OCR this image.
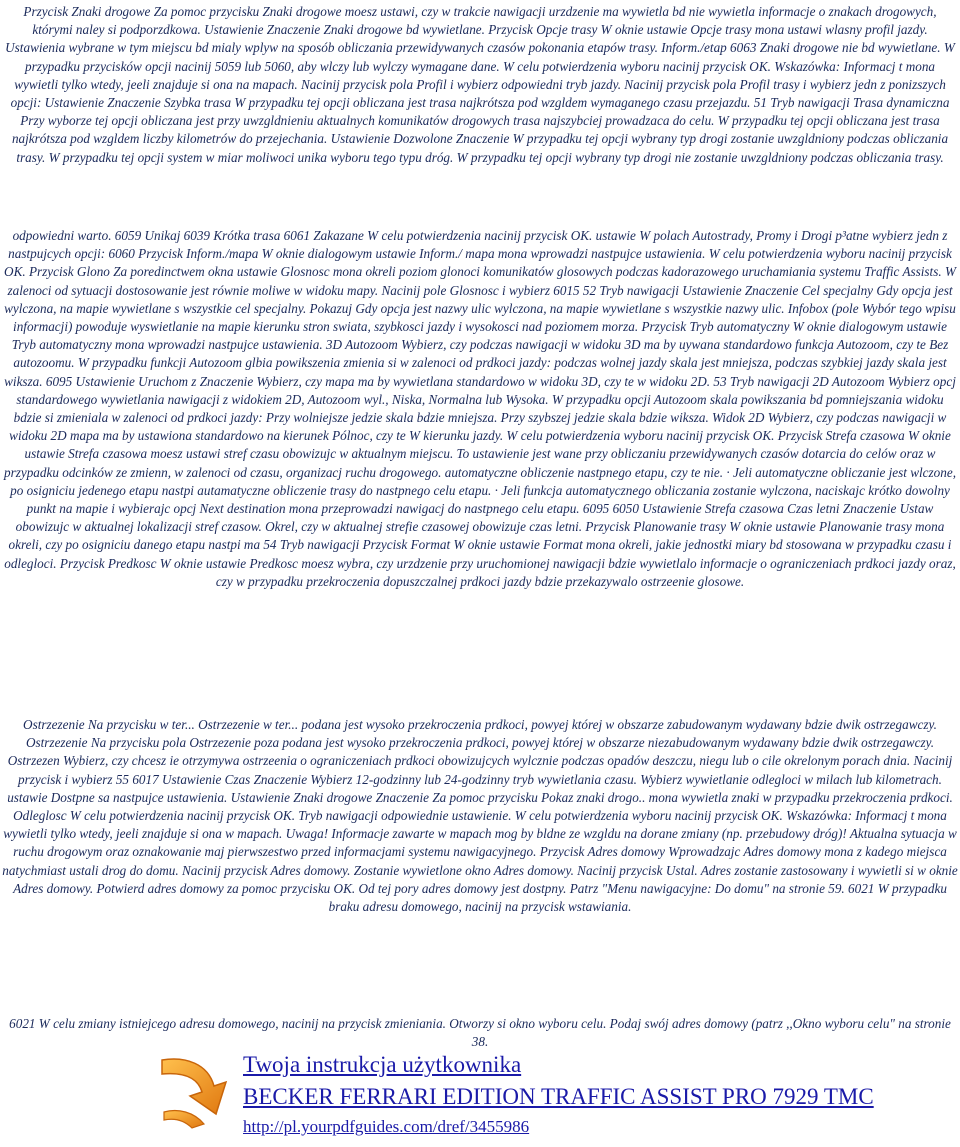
Przycisk Znaki drogowe Za pomoc przycisku Znaki drogowe moesz ustawi, czy w trakcie nawigacji urzdzenie ma wywietla bd nie wywietla informacje o znakach drogowych, którymi naley si podporzdkowa. Ustawienie Znaczenie Znaki drogowe bd wywietlane. Przycisk Opcje trasy W oknie ustawie Opcje trasy mona ustawi wlasny profil jazdy. Ustawienia wybrane w tym miejscu bd mialy wplyw na sposób obliczania przewidywanych czasów pokonania etapów trasy. Inform./etap 6063 Znaki drogowe nie bd wywietlane. W przypadku przycisków opcji nacinij 5059 lub 5060, aby wlczy lub wylczy wymagane dane. W celu potwierdzenia wyboru nacinij przycisk OK. Wskazówka: Informacj t mona wywietli tylko wtedy, jeeli znajduje si ona na mapach. Nacinij przycisk pola Profil i wybierz odpowiedni tryb jazdy. Nacinij przycisk pola Profil trasy i wybierz jedn z ponizszych opcji: Ustawienie Znaczenie Szybka trasa W przypadku tej opcji obliczana jest trasa najkrótsza pod wzgldem wymaganego czasu przejazdu. 51 Tryb nawigacji Trasa dynamiczna Przy wyborze tej opcji obliczana jest przy uwzgldnieniu aktualnych komunikatów drogowych trasa najszybciej prowadzaca do celu. W przypadku tej opcji obliczana jest trasa najkrótsza pod wzgldem liczby kilometrów do przejechania. Ustawienie Dozwolone Znaczenie W przypadku tej opcji wybrany typ drogi zostanie uwzgldniony podczas obliczania trasy. W przypadku tej opcji system w miar moliwoci unika wyboru tego typu dróg. W przypadku tej opcji wybrany typ drogi nie zostanie uwzgldniony podczas obliczania trasy.

odpowiedni warto. 6059 Unikaj 6039 Krótka trasa 6061 Zakazane W celu potwierdzenia nacinij przycisk OK. ustawie W polach Autostrady, Promy i Drogi p³atne wybierz jedn z nastpujcych opcji: 6060 Przycisk Inform./mapa W oknie dialogowym ustawie Inform./ mapa mona wprowadzi nastpujce ustawienia. W celu potwierdzenia wyboru nacinij przycisk OK. Przycisk Glono Za poredinctwem okna ustawie Glosnosc mona okreli poziom glonoci komunikatów glosowych podczas kadorazowego uruchamiania systemu Traffic Assists. W zalenoci od sytuacji dostosowanie jest równie moliwe w widoku mapy. Nacinij pole Glosnosc i wybierz 6015 52 Tryb nawigacji Ustawienie Znaczenie Cel specjalny Gdy opcja jest wylczona, na mapie wywietlane s wszystkie cel specjalny. Pokazuj Gdy opcja jest nazwy ulic wylczona, na mapie wywietlane s wszystkie nazwy ulic. Infobox (pole Wybór tego wpisu informacji) powoduje wyswietlanie na mapie kierunku stron swiata, szybkosci jazdy i wysokosci nad poziomem morza. Przycisk Tryb automatyczny W oknie dialogowym ustawie Tryb automatyczny mona wprowadzi nastpujce ustawienia. 3D Autozoom Wybierz, czy podczas nawigacji w widoku 3D ma by uywana standardowo funkcja Autozoom, czy te Bez autozoomu. W przypadku funkcji Autozoom glbia powikszenia zmienia si w zalenoci od prdkoci jazdy: podczas wolnej jazdy skala jest mniejsza, podczas szybkiej jazdy skala jest wiksza. 6095 Ustawienie Uruchom z Znaczenie Wybierz, czy mapa ma by wywietlana standardowo w widoku 3D, czy te w widoku 2D. 53 Tryb nawigacji 2D Autozoom Wybierz opcj standardowego wywietlania nawigacji z widokiem 2D, Autozoom wyl., Niska, Normalna lub Wysoka. W przypadku opcji Autozoom skala powikszania bd pomniejszania widoku bdzie si zmieniala w zalenoci od prdkoci jazdy: Przy wolniejsze jedzie skala bdzie mniejsza. Przy szybszej jedzie skala bdzie wiksza. Widok 2D Wybierz, czy podczas nawigacji w widoku 2D mapa ma by ustawiona standardowo na kierunek Pólnoc, czy te W kierunku jazdy. W celu potwierdzenia wyboru nacinij przycisk OK. Przycisk Strefa czasowa W oknie ustawie Strefa czasowa moesz ustawi stref czasu obowizujc w aktualnym miejscu. To ustawienie jest wane przy obliczaniu przewidywanych czasów dotarcia do celów oraz w przypadku odcinków ze zmienn, w zalenoci od czasu, organizacj ruchu drogowego. automatyczne obliczenie nastpnego etapu, czy te nie. · Jeli automatyczne obliczanie jest wlczone, po osigniciu jedenego etapu nastpi autamatyczne obliczenie trasy do nastpnego celu etapu. · Jeli funkcja automatycznego obliczania zostanie wylczona, naciskajc krótko dowolny punkt na mapie i wybierajc opcj Next destination mona przeprowadzi nawigacj do nastpnego celu etapu. 6095 6050 Ustawienie Strefa czasowa Czas letni Znaczenie Ustaw obowizujc w aktualnej lokalizacji stref czasow. Okrel, czy w aktualnej strefie czasowej obowizuje czas letni. Przycisk Planowanie trasy W oknie ustawie Planowanie trasy mona okreli, czy po osigniciu danego etapu nastpi ma 54 Tryb nawigacji Przycisk Format W oknie ustawie Format mona okreli, jakie jednostki miary bd stosowana w przypadku czasu i odlegloci. Przycisk Predkosc W oknie ustawie Predkosc moesz wybra, czy urzdzenie przy uruchomionej nawigacji bdzie wywietlalo informacje o ograniczeniach prdkoci jazdy oraz, czy w przypadku przekroczenia dopuszczalnej prdkoci jazdy bdzie przekazywalo ostrzeenie glosowe.

Ostrzezenie Na przycisku w ter... Ostrzezenie w ter... podana jest wysoko przekroczenia prdkoci, powyej której w obszarze zabudowanym wydawany bdzie dwik ostrzegawczy. Ostrzezenie Na przycisku pola Ostrzezenie poza podana jest wysoko przekroczenia prdkoci, powyej której w obszarze niezabudowanym wydawany bdzie dwik ostrzegawczy. Ostrzezen Wybierz, czy chcesz ie otrzymywa ostrzeenia o ograniczeniach prdkoci obowizujcych wylcznie podczas opadów deszczu, niegu lub o cile okrelonym porach dnia. Nacinij przycisk i wybierz 55 6017 Ustawienie Czas Znaczenie Wybierz 12-godzinny lub 24-godzinny tryb wywietlania czasu. Wybierz wywietlanie odlegloci w milach lub kilometrach. ustawie Dostpne sa nastpujce ustawienia. Ustawienie Znaki drogowe Znaczenie Za pomoc przycisku Pokaz znaki drogo.. mona wywietla znaki w przypadku przekroczenia prdkoci. Odleglosc W celu potwierdzenia nacinij przycisk OK. Tryb nawigacji odpowiednie ustawienie. W celu potwierdzenia wyboru nacinij przycisk OK. Wskazówka: Informacj t mona wywietli tylko wtedy, jeeli znajduje si ona w mapach. Uwaga! Informacje zawarte w mapach mog by bldne ze wzgldu na dorane zmiany (np. przebudowy dróg)! Aktualna sytuacja w ruchu drogowym oraz oznakowanie maj pierwszestwo przed informacjami systemu nawigacyjnego. Przycisk Adres domowy Wprowadzajc Adres domowy mona z kadego miejsca natychmiast ustali drog do domu. Nacinij przycisk Adres domowy. Zostanie wywietlone okno Adres domowy. Nacinij przycisk Ustal. Adres zostanie zastosowany i wywietli si w oknie Adres domowy. Potwierd adres domowy za pomoc przycisku OK. Od tej pory adres domowy jest dostpny. Patrz "Menu nawigacyjne: Do domu" na stronie 59. 6021 W przypadku braku adresu domowego, nacinij na przycisk wstawiania.

6021 W celu zmiany istniejcego adresu domowego, nacinij na przycisk zmieniania. Otworzy si okno wyboru celu. Podaj swój adres domowy (patrz ,,Okno wyboru celu" na stronie 38.

Twoja instrukcja użytkownika
BECKER FERRARI EDITION TRAFFIC ASSIST PRO 7929 TMC
http://pl.yourpdfguides.com/dref/3455986
